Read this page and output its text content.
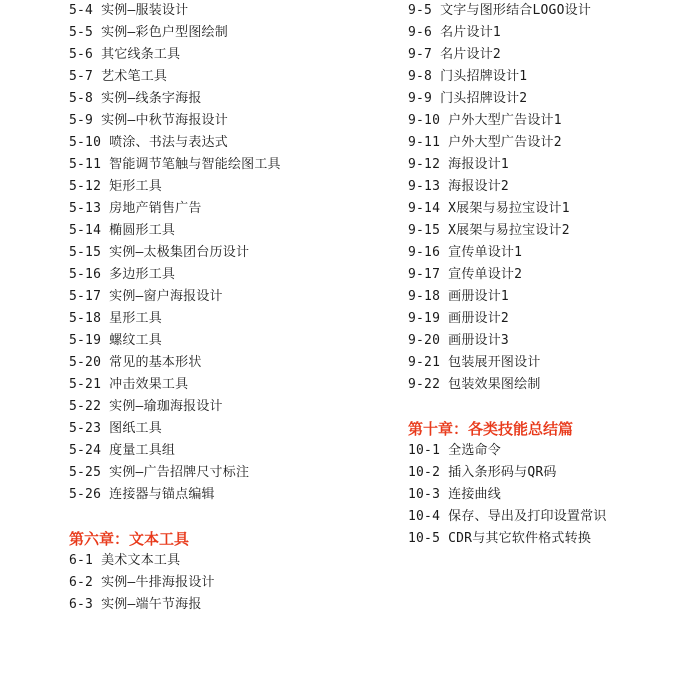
5-4 实例—服装设计
5-5 实例—彩色户型图绘制
5-6 其它线条工具
5-7 艺术笔工具
5-8 实例—线条字海报
5-9 实例—中秋节海报设计
5-10 喷涂、书法与表达式
5-11 智能调节笔触与智能绘图工具
5-12 矩形工具
5-13 房地产销售广告
5-14 椭圆形工具
5-15 实例—太极集团台历设计
5-16 多边形工具
5-17 实例—窗户海报设计
5-18 星形工具
5-19 螺纹工具
5-20 常见的基本形状
5-21 冲击效果工具
5-22 实例—瑜珈海报设计
5-23 图纸工具
5-24 度量工具组
5-25 实例—广告招牌尺寸标注
5-26 连接器与锚点编辑
第六章：文本工具
6-1 美术文本工具
6-2 实例—牛排海报设计
6-3 实例—端午节海报
9-5 文字与图形结合LOGO设计
9-6 名片设计1
9-7 名片设计2
9-8 门头招牌设计1
9-9 门头招牌设计2
9-10 户外大型广告设计1
9-11 户外大型广告设计2
9-12 海报设计1
9-13 海报设计2
9-14 X展架与易拉宝设计1
9-15 X展架与易拉宝设计2
9-16 宣传单设计1
9-17 宣传单设计2
9-18 画册设计1
9-19 画册设计2
9-20 画册设计3
9-21 包装展开图设计
9-22 包装效果图绘制
第十章：各类技能总结篇
10-1 全选命令
10-2 插入条形码与QR码
10-3 连接曲线
10-4 保存、导出及打印设置常识
10-5 CDR与其它软件格式转换
